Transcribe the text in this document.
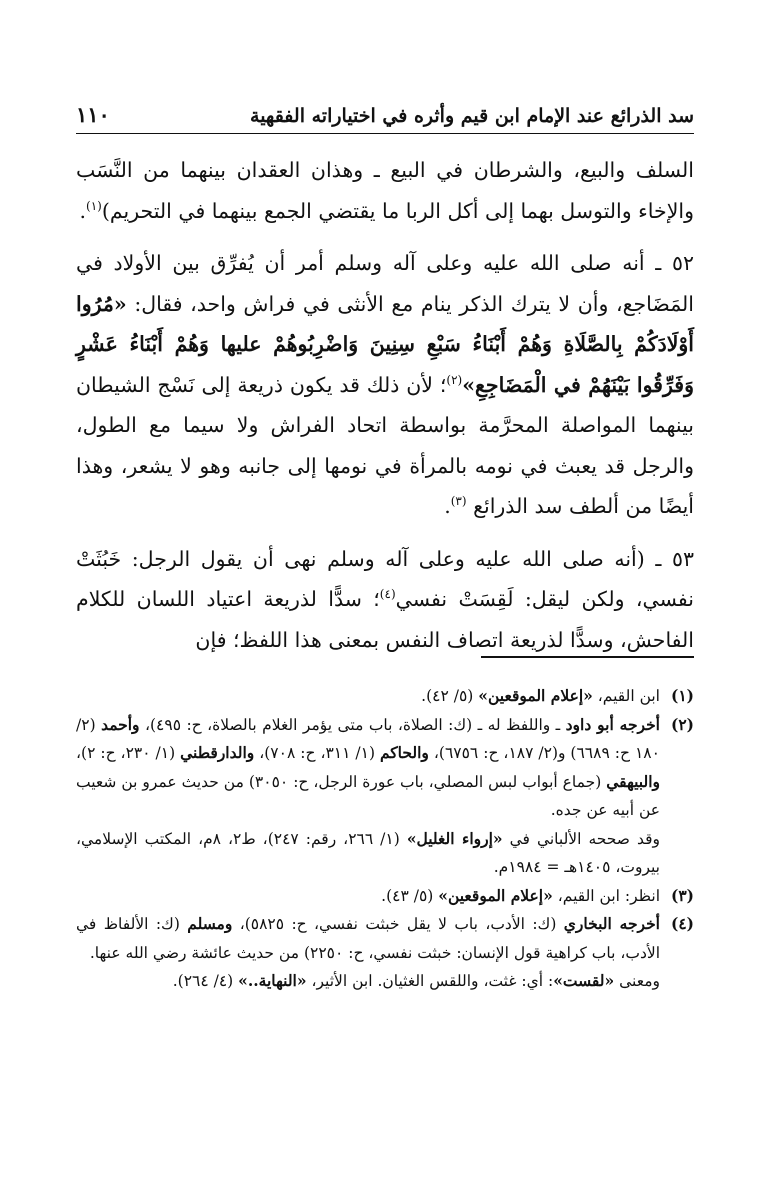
سد الذرائع عند الإمام ابن قيم وأثره في اختياراته الفقهية
١١٠

السلف والبيع، والشرطان في البيع ـ وهذان العقدان بينهما من النَّسَب والإخاء والتوسل بهما إلى أكل الربا ما يقتضي الجمع بينهما في التحريم)$^{(١)}$.

٥٢ ـ أنه صلى الله عليه وعلى آله وسلم أمر أن يُفرِّق بين الأولاد في المَضَاجع، وأن لا يترك الذكر ينام مع الأنثى في فراش واحد، فقال: «مُرُوا أَوْلَادَكُمْ بِالصَّلَاةِ وَهُمْ أَبْنَاءُ سَبْعِ سِنِينَ وَاضْرِبُوهُمْ عليها وَهُمْ أَبْنَاءُ عَشْرٍ وَفَرِّقُوا بَيْنَهُمْ في الْمَضَاجِعِ»$^{(٢)}$؛ لأن ذلك قد يكون ذريعة إلى نَسْج الشيطان بينهما المواصلة المحرَّمة بواسطة اتحاد الفراش ولا سيما مع الطول، والرجل قد يعبث في نومه بالمرأة في نومها إلى جانبه وهو لا يشعر، وهذا أيضًا من ألطف سد الذرائع $^{(٣)}$.

٥٣ ـ (أنه صلى الله عليه وعلى آله وسلم نهى أن يقول الرجل: خَبُثَتْ نفسي، ولكن ليقل: لَقِسَتْ نفسي$^{(٤)}$؛ سدًّا لذريعة اعتياد اللسان للكلام الفاحش، وسدًّا لذريعة اتصاف النفس بمعنى هذا اللفظ؛ فإن

(١)
ابن القيم، «إعلام الموقعين» (٥/ ٤٢).
(٢)
أخرجه أبو داود ـ واللفظ له ـ (ك: الصلاة، باب متى يؤمر الغلام بالصلاة، ح: ٤٩٥)، وأحمد (٢/ ١٨٠ ح: ٦٦٨٩) و(٢/ ١٨٧، ح: ٦٧٥٦)، والحاكم (١/ ٣١١، ح: ٧٠٨)، والدارقطني (١/ ٢٣٠، ح: ٢)، والبيهقي (جماع أبواب لبس المصلي، باب عورة الرجل، ح: ٣٠٥٠) من حديث عمرو بن شعيب عن أبيه عن جده.
وقد صححه الألباني في «إرواء الغليل» (١/ ٢٦٦، رقم: ٢٤٧)، ط٢، ٨م، المكتب الإسلامي، بيروت، ١٤٠٥هـ = ١٩٨٤م.
(٣)
انظر: ابن القيم، «إعلام الموقعين» (٥/ ٤٣).
(٤)
أخرجه البخاري (ك: الأدب، باب لا يقل خبثت نفسي، ح: ٥٨٢٥)، ومسلم (ك: الألفاظ في الأدب، باب كراهية قول الإنسان: خبثت نفسي، ح: ٢٢٥٠) من حديث عائشة رضي الله عنها.
ومعنى «لقست»: أي: غثت، واللقس الغثيان. ابن الأثير، «النهاية..» (٤/ ٢٦٤).
